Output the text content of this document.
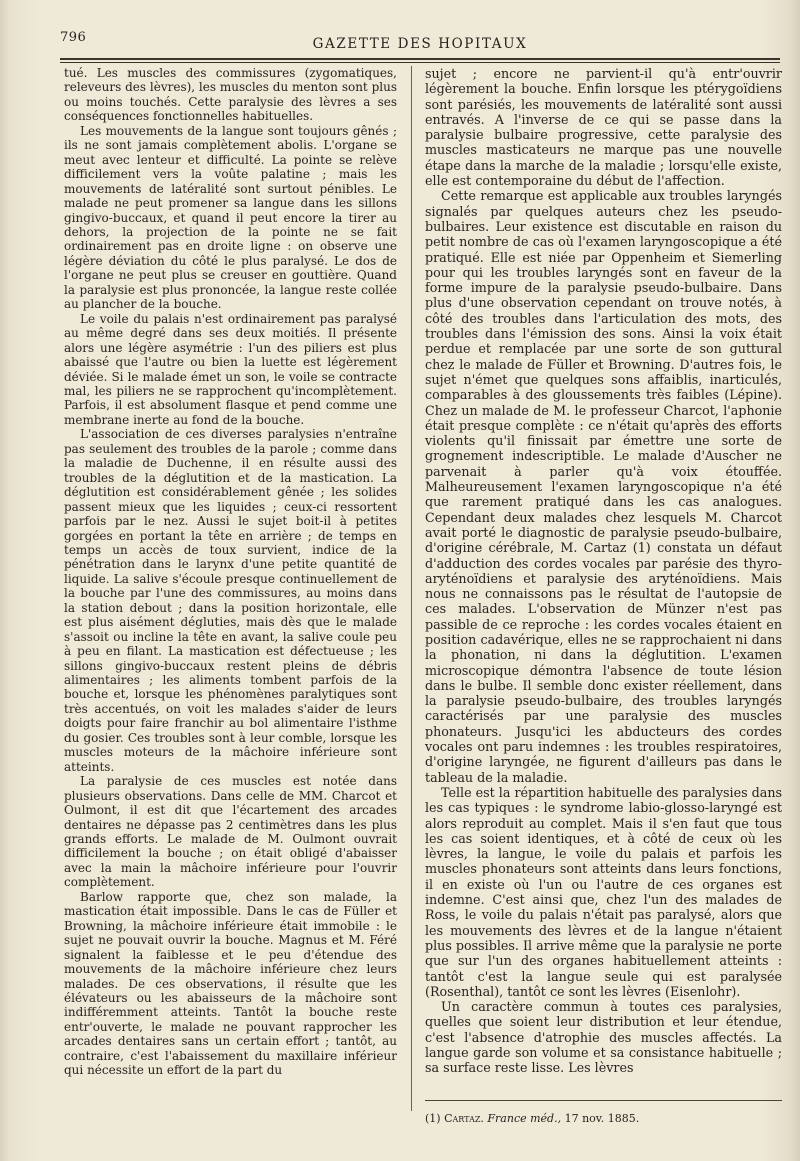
796	GAZETTE DES HOPITAUX

tué. Les muscles des commissures (zygomatiques, releveurs des lèvres), les muscles du menton sont plus ou moins touchés. Cette paralysie des lèvres a ses conséquences fonctionnelles habituelles.

Les mouvements de la langue sont toujours gênés ; ils ne sont jamais complètement abolis. L'organe se meut avec lenteur et difficulté. La pointe se relève difficilement vers la voûte palatine ; mais les mouvements de latéralité sont surtout pénibles. Le malade ne peut promener sa langue dans les sillons gingivo-buccaux, et quand il peut encore la tirer au dehors, la projection de la pointe ne se fait ordinairement pas en droite ligne : on observe une légère déviation du côté le plus paralysé. Le dos de l'organe ne peut plus se creuser en gouttière. Quand la paralysie est plus prononcée, la langue reste collée au plancher de la bouche.

Le voile du palais n'est ordinairement pas paralysé au même degré dans ses deux moitiés. Il présente alors une légère asymétrie : l'un des piliers est plus abaissé que l'autre ou bien la luette est légèrement déviée. Si le malade émet un son, le voile se contracte mal, les piliers ne se rapprochent qu'incomplètement. Parfois, il est absolument flasque et pend comme une membrane inerte au fond de la bouche.

L'association de ces diverses paralysies n'entraîne pas seulement des troubles de la parole ; comme dans la maladie de Duchenne, il en résulte aussi des troubles de la déglutition et de la mastication. La déglutition est considérablement gênée ; les solides passent mieux que les liquides ; ceux-ci ressortent parfois par le nez. Aussi le sujet boit-il à petites gorgées en portant la tête en arrière ; de temps en temps un accès de toux survient, indice de la pénétration dans le larynx d'une petite quantité de liquide. La salive s'écoule presque continuellement de la bouche par l'une des commissures, au moins dans la station debout ; dans la position horizontale, elle est plus aisément dégluties, mais dès que le malade s'assoit ou incline la tête en avant, la salive coule peu à peu en filant. La mastication est défectueuse ; les sillons gingivo-buccaux restent pleins de débris alimentaires ; les aliments tombent parfois de la bouche et, lorsque les phénomènes paralytiques sont très accentués, on voit les malades s'aider de leurs doigts pour faire franchir au bol alimentaire l'isthme du gosier. Ces troubles sont à leur comble, lorsque les muscles moteurs de la mâchoire inférieure sont atteints.

La paralysie de ces muscles est notée dans plusieurs observations. Dans celle de MM. Charcot et Oulmont, il est dit que l'écartement des arcades dentaires ne dépasse pas 2 centimètres dans les plus grands efforts. Le malade de M. Oulmont ouvrait difficilement la bouche ; on était obligé d'abaisser avec la main la mâchoire inférieure pour l'ouvrir complètement.

Barlow rapporte que, chez son malade, la mastication était impossible. Dans le cas de Füller et Browning, la mâchoire inférieure était immobile : le sujet ne pouvait ouvrir la bouche. Magnus et M. Féré signalent la faiblesse et le peu d'étendue des mouvements de la mâchoire inférieure chez leurs malades. De ces observations, il résulte que les élévateurs ou les abaisseurs de la mâchoire sont indifféremment atteints. Tantôt la bouche reste entr'ouverte, le malade ne pouvant rapprocher les arcades dentaires sans un certain effort ; tantôt, au contraire, c'est l'abaissement du maxillaire inférieur qui nécessite un effort de la part du

sujet ; encore ne parvient-il qu'à entr'ouvrir légèrement la bouche. Enfin lorsque les ptérygoïdiens sont parésiés, les mouvements de latéralité sont aussi entravés. A l'inverse de ce qui se passe dans la paralysie bulbaire progressive, cette paralysie des muscles masticateurs ne marque pas une nouvelle étape dans la marche de la maladie ; lorsqu'elle existe, elle est contemporaine du début de l'affection.

Cette remarque est applicable aux troubles laryngés signalés par quelques auteurs chez les pseudo-bulbaires. Leur existence est discutable en raison du petit nombre de cas où l'examen laryngoscopique a été pratiqué. Elle est niée par Oppenheim et Siemerling pour qui les troubles laryngés sont en faveur de la forme impure de la paralysie pseudo-bulbaire. Dans plus d'une observation cependant on trouve notés, à côté des troubles dans l'articulation des mots, des troubles dans l'émission des sons. Ainsi la voix était perdue et remplacée par une sorte de son guttural chez le malade de Füller et Browning. D'autres fois, le sujet n'émet que quelques sons affaiblis, inarticulés, comparables à des gloussements très faibles (Lépine). Chez un malade de M. le professeur Charcot, l'aphonie était presque complète : ce n'était qu'après des efforts violents qu'il finissait par émettre une sorte de grognement indescriptible. Le malade d'Auscher ne parvenait à parler qu'à voix étouffée. Malheureusement l'examen laryngoscopique n'a été que rarement pratiqué dans les cas analogues. Cependant deux malades chez lesquels M. Charcot avait porté le diagnostic de paralysie pseudo-bulbaire, d'origine cérébrale, M. Cartaz (1) constata un défaut d'adduction des cordes vocales par parésie des thyro-aryténoïdiens et paralysie des aryténoïdiens. Mais nous ne connaissons pas le résultat de l'autopsie de ces malades. L'observation de Münzer n'est pas passible de ce reproche : les cordes vocales étaient en position cadavérique, elles ne se rapprochaient ni dans la phonation, ni dans la déglutition. L'examen microscopique démontra l'absence de toute lésion dans le bulbe. Il semble donc exister réellement, dans la paralysie pseudo-bulbaire, des troubles laryngés caractérisés par une paralysie des muscles phonateurs. Jusqu'ici les abducteurs des cordes vocales ont paru indemnes : les troubles respiratoires, d'origine laryngée, ne figurent d'ailleurs pas dans le tableau de la maladie.

Telle est la répartition habituelle des paralysies dans les cas typiques : le syndrome labio-glosso-laryngé est alors reproduit au complet. Mais il s'en faut que tous les cas soient identiques, et à côté de ceux où les lèvres, la langue, le voile du palais et parfois les muscles phonateurs sont atteints dans leurs fonctions, il en existe où l'un ou l'autre de ces organes est indemne. C'est ainsi que, chez l'un des malades de Ross, le voile du palais n'était pas paralysé, alors que les mouvements des lèvres et de la langue n'étaient plus possibles. Il arrive même que la paralysie ne porte que sur l'un des organes habituellement atteints : tantôt c'est la langue seule qui est paralysée (Rosenthal), tantôt ce sont les lèvres (Eisenlohr).

Un caractère commun à toutes ces paralysies, quelles que soient leur distribution et leur étendue, c'est l'absence d'atrophie des muscles affectés. La langue garde son volume et sa consistance habituelle ; sa surface reste lisse. Les lèvres

(1) Cartaz. France méd., 17 nov. 1885.
